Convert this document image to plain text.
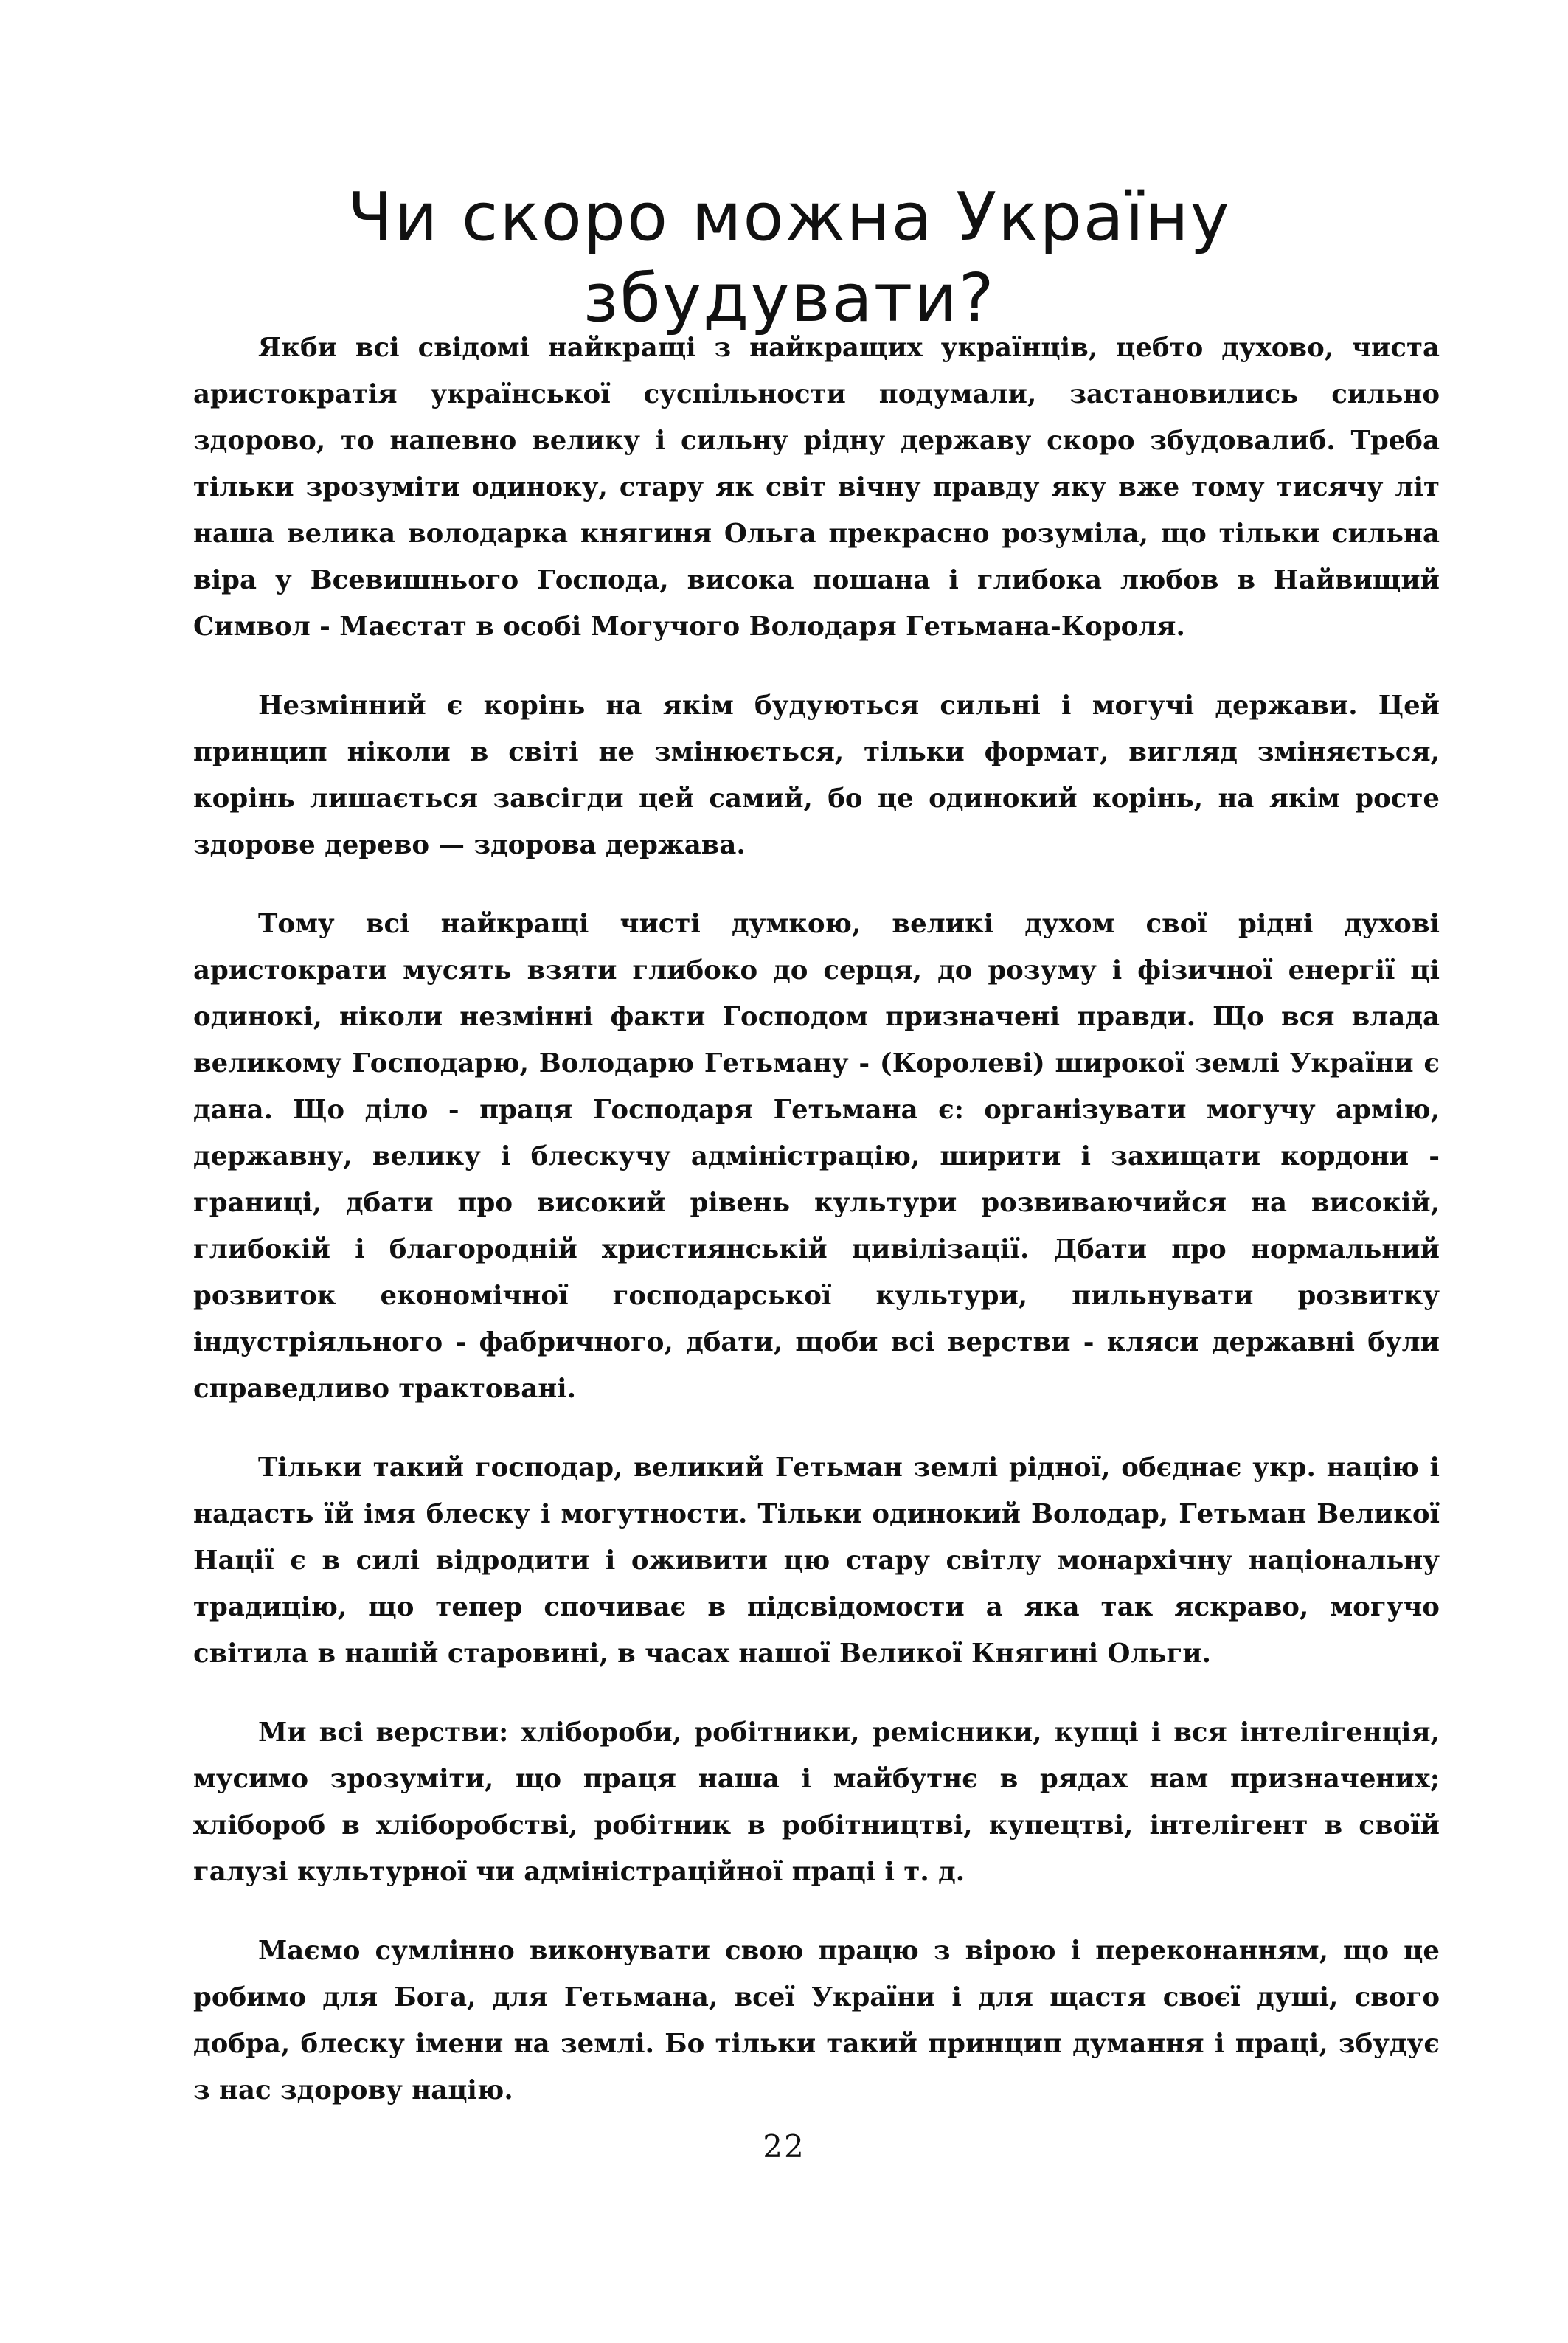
Чи скоро можна Україну збудувати?

Якби всі свідомі найкращі з найкращих українців, цебто духово, чиста аристократія української суспільности подумали, застановились сильно здорово, то напевно велику і сильну рідну державу скоро збудовалиб. Треба тільки зрозуміти одиноку, стару як світ вічну правду яку вже тому тисячу літ наша велика володарка княгиня Ольга прекрасно розуміла, що тільки сильна віра у Всевишнього Господа, висока пошана і глибока любов в Найвищий Символ - Маєстат в особі Могучого Володаря Гетьмана-Короля.

Незмінний є корінь на якім будуються сильні і могучі держави. Цей принцип ніколи в світі не змінюється, тільки формат, вигляд зміняється, корінь лишається завсігди цей самий, бо це одинокий корінь, на якім росте здорове дерево — здорова держава.

Тому всі найкращі чисті думкою, великі духом свої рідні духові аристократи мусять взяти глибоко до серця, до розуму і фізичної енергії ці одинокі, ніколи незмінні факти Господом призначені правди. Що вся влада великому Господарю, Володарю Гетьману - (Королеві) широкої землі України є дана. Що діло - праця Господаря Гетьмана є: організувати могучу армію, державну, велику і блескучу адміністрацію, ширити і захищати кордони - границі, дбати про високий рівень культури розвиваючийся на високій, глибокій і благородній християнській цивілізації. Дбати про нормальний розвиток економічної господарської культури, пильнувати розвитку індустріяльного - фабричного, дбати, щоби всі верстви - кляси державні були справедливо трактовані.

Тільки такий господар, великий Гетьман землі рідної, обєднає укр. націю і надасть їй імя блеску і могутности. Тільки одинокий Володар, Гетьман Великої Нації є в силі відродити і оживити цю стару світлу монархічну національну традицію, що тепер спочиває в підсвідомости а яка так яскраво, могучо світила в нашій старовині, в часах нашої Великої Княгині Ольги.

Ми всі верстви: хлібороби, робітники, ремісники, купці і вся інтелігенція, мусимо зрозуміти, що праця наша і майбутнє в рядах нам призначених; хлібороб в хліборобстві, робітник в робітництві, купецтві, інтелігент в своїй галузі культурної чи адміністраційної праці і т. д.

Маємо сумлінно виконувати свою працю з вірою і переконанням, що це робимо для Бога, для Гетьмана, всеї України і для щастя своєї душі, свого добра, блеску імени на землі. Бо тільки такий принцип думання і праці, збудує з нас здорову націю.

22
